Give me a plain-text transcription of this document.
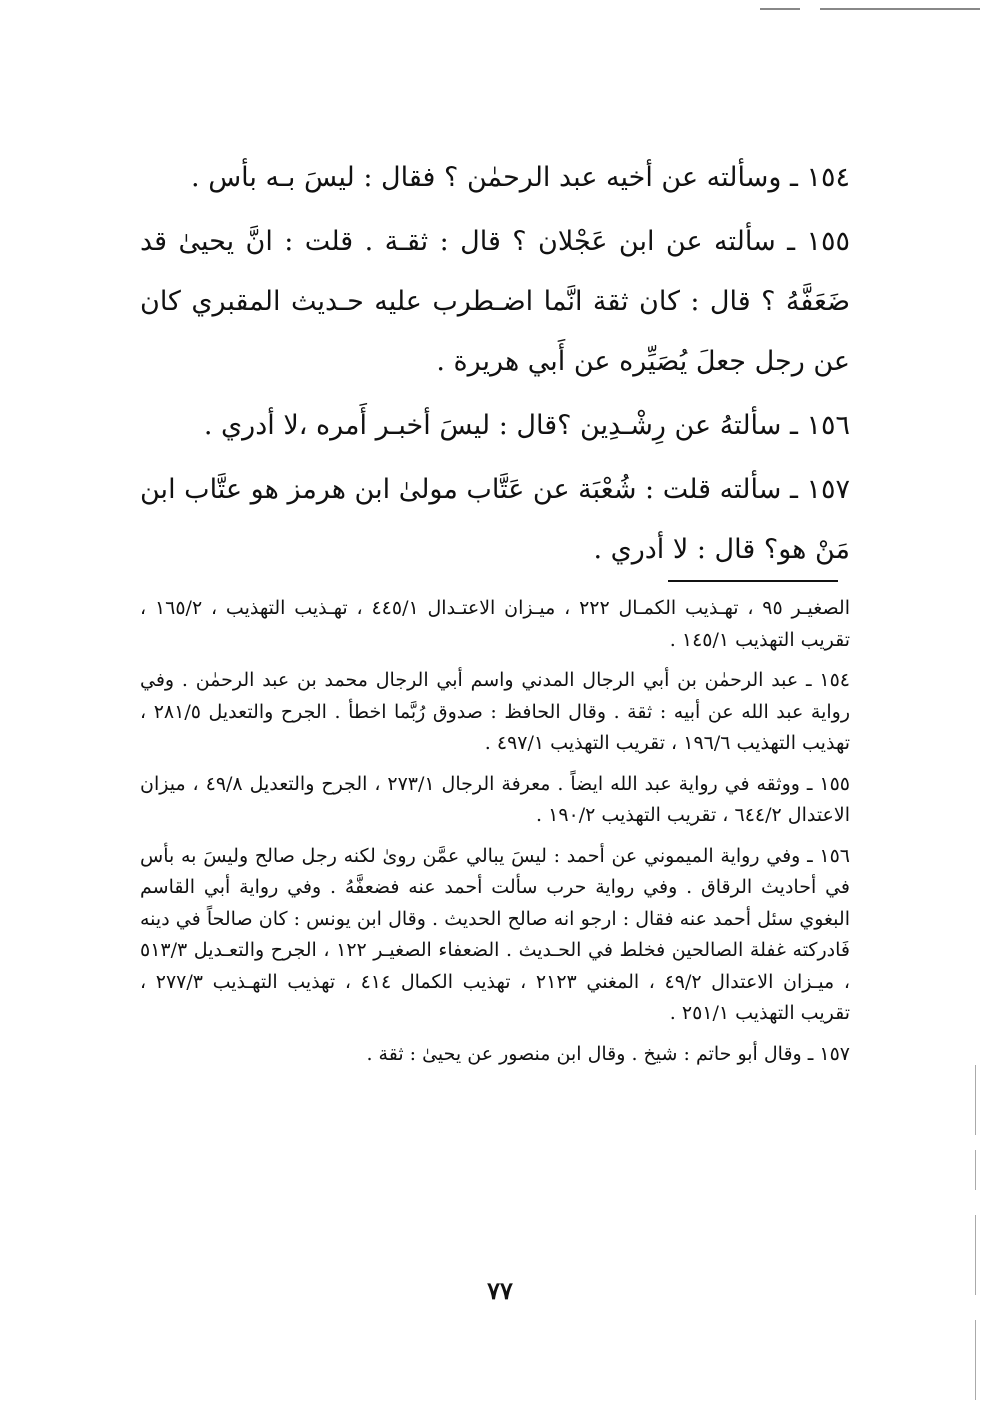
١٥٤ ـ وسألته عن أخيه عبد الرحمٰن ؟ فقال : ليسَ بـه بأس .

١٥٥ ـ سألته عن ابن عَجْلان ؟ قال : ثقـة . قلت : انَّ يحيىٰ قد ضَعَفَّهُ ؟ قال : كان ثقة انَّما اضـطرب عليه حـديث المقبري كان عن رجل جعلَ يُصَيِّره عن أَبي هريرة .

١٥٦ ـ سألتهُ عن رِشْـدِين ؟قال : ليسَ أخبـر أَمره ،لا أدري .

١٥٧ ـ سألته قلت : شُعْبَة عن عَتَّاب مولىٰ ابن هرمز هو عتَّاب ابن مَنْ هو؟ قال : لا أدري .

الصغيـر ٩٥ ، تهـذيب الكمـال ٢٢٢ ، ميـزان الاعتـدال ٤٤٥/١ ، تهـذيب التهذيب ، ١٦٥/٢ ، تقريب التهذيب ١٤٥/١ .

١٥٤ ـ عبد الرحمٰن بن أبي الرجال المدني واسم أبي الرجال محمد بن عبد الرحمٰن . وفي رواية عبد الله عن أبيه : ثقة . وقال الحافظ : صدوق رُبَّما اخطأ . الجرح والتعديل ٢٨١/٥ ، تهذيب التهذيب ١٩٦/٦ ، تقريب التهذيب ٤٩٧/١ .

١٥٥ ـ ووثقه في رواية عبد الله ايضاً . معرفة الرجال ٢٧٣/١ ، الجرح والتعديل ٤٩/٨ ، ميزان الاعتدال ٦٤٤/٢ ، تقريب التهذيب ١٩٠/٢ .

١٥٦ ـ وفي رواية الميموني عن أحمد : ليسَ يبالي عمَّن روىٰ لكنه رجل صالح وليسَ به بأس في أحاديث الرقاق . وفي رواية حرب سألت أحمد عنه فضعفَّهُ . وفي رواية أبي القاسم البغوي سئل أحمد عنه فقال : ارجو انه صالح الحديث . وقال ابن يونس : كان صالحاً في دينه فَادركته غفلة الصالحين فخلط في الحـديث . الضعفاء الصغيـر ١٢٢ ، الجرح والتعـديل ٥١٣/٣ ، ميـزان الاعتدال ٤٩/٢ ، المغني ٢١٢٣ ، تهذيب الكمال ٤١٤ ، تهذيب التهـذيب ٢٧٧/٣ ، تقريب التهذيب ٢٥١/١ .

١٥٧ ـ وقال أبو حاتم : شيخ . وقال ابن منصور عن يحيىٰ : ثقة .

٧٧
